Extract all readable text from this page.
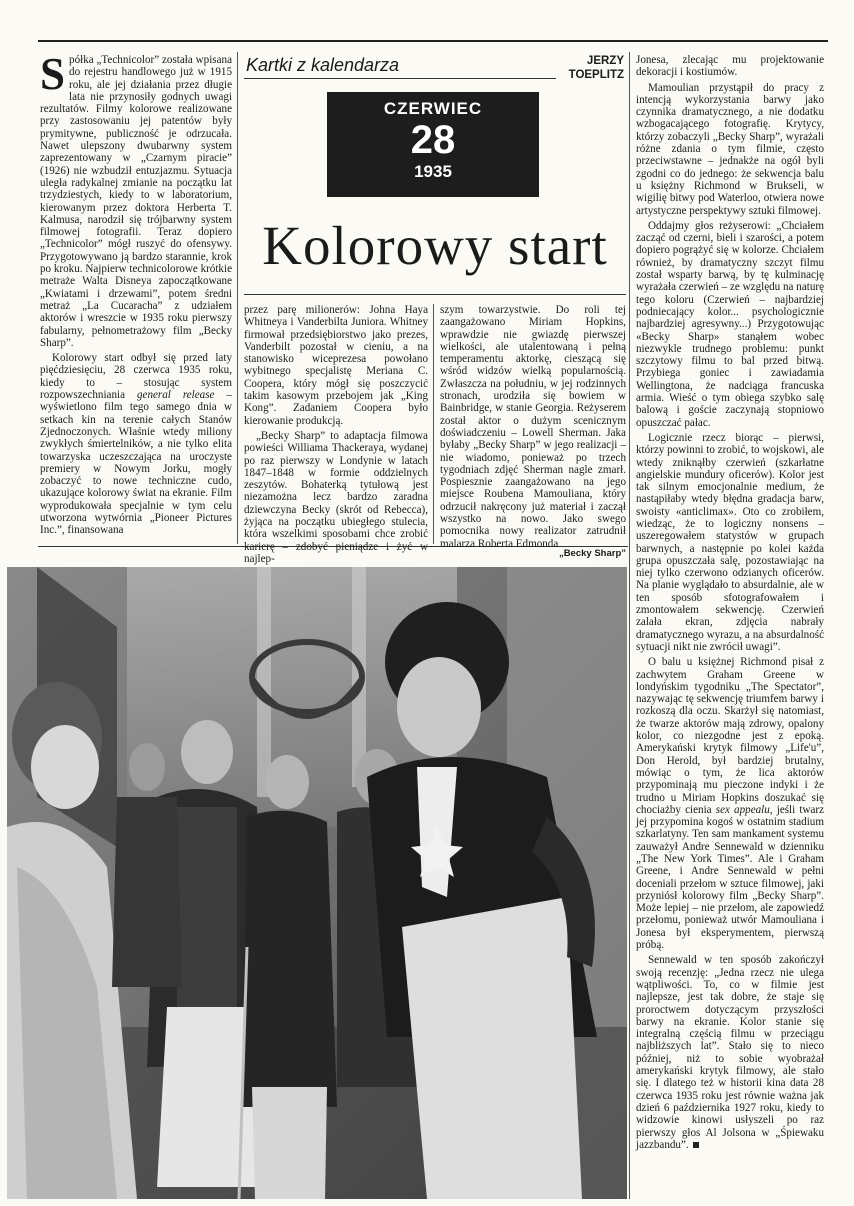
Spółka „Technicolor” została wpisana do rejestru handlowego już w 1915 roku, ale jej działania przez długie lata nie przynosiły godnych uwagi rezultatów. Filmy kolorowe realizowane przy zastosowaniu jej patentów były prymitywne, publiczność je odrzucała. Nawet ulepszony dwubarwny system zaprezentowany w „Czarnym piracie” (1926) nie wzbudził entuzjazmu. Sytuacja uległa radykalnej zmianie na początku lat trzydziestych, kiedy to w laboratorium, kierowanym przez doktora Herberta T. Kalmusa, narodził się trójbarwny system filmowej fotografii. Teraz dopiero „Technicolor” mógł ruszyć do ofensywy. Przygotowywano ją bardzo starannie, krok po kroku. Najpierw technicolorowe krótkie metraże Walta Disneya zapoczątkowane „Kwiatami i drzewami”, potem średni metraż „La Cucaracha” z udziałem aktorów i wreszcie w 1935 roku pierwszy fabularny, pełnometrażowy film „Becky Sharp”.

Kolorowy start odbył się przed laty pięćdziesięciu, 28 czerwca 1935 roku, kiedy to – stosując system rozpowszechniania general release – wyświetlono film tego samego dnia w setkach kin na terenie całych Stanów Zjednoczonych. Właśnie wtedy miliony zwykłych śmiertelników, a nie tylko elita towarzyska uczeszczająca na uroczyste premiery w Nowym Jorku, mogły zobaczyć to nowe techniczne cudo, ukazujące kolorowy świat na ekranie. Film wyprodukowała specjalnie w tym celu utworzona wytwórnia „Pioneer Pictures Inc.”, finansowana

Kartki z kalendarza	JERZY
TOEPLITZ
CZERWIEC
28
1935
Kolorowy start

przez parę milionerów: Johna Haya Whitneya i Vanderbilta Juniora. Whitney firmował przedsiębiorstwo jako prezes, Vanderbilt pozostał w cieniu, a na stanowisko wiceprezesa powołano wybitnego specjalistę Meriana C. Coopera, który mógł się poszczycić takim kasowym przebojem jak „King Kong”. Zadaniem Coopera było kierowanie produkcją.

„Becky Sharp” to adaptacja filmowa powieści Williama Thackeraya, wydanej po raz pierwszy w Londynie w latach 1847–1848 w formie oddzielnych zeszytów. Bohaterką tytułową jest niezamożna lecz bardzo zaradna dziewczyna Becky (skrót od Rebecca), żyjąca na początku ubiegłego stulecia, która wszelkimi sposobami chce zrobić karierę – zdobyć pieniądze i żyć w najlep-

szym towarzystwie. Do roli tej zaangażowano Miriam Hopkins, wprawdzie nie gwiazdę pierwszej wielkości, ale utalentowaną i pełną temperamentu aktorkę, cieszącą się wśród widzów wielką popularnością. Zwłaszcza na południu, w jej rodzinnych stronach, urodziła się bowiem w Bainbridge, w stanie Georgia. Reżyserem został aktor o dużym scenicznym doświadczeniu – Lowell Sherman. Jaka byłaby „Becky Sharp” w jego realizacji – nie wiadomo, ponieważ po trzech tygodniach zdjęć Sherman nagle zmarł. Pospiesznie zaangażowano na jego miejsce Roubena Mamouliana, który odrzucił nakręcony już materiał i zaczął wszystko na nowo. Jako swego pomocnika nowy realizator zatrudnił malarza Roberta Edmonda

„Becky Sharp”

Jonesa, zlecając mu projektowanie dekoracji i kostiumów.

Mamoulian przystąpił do pracy z intencją wykorzystania barwy jako czynnika dramatycznego, a nie dodatku wzbogacającego fotografię. Krytycy, którzy zobaczyli „Becky Sharp”, wyrażali różne zdania o tym filmie, często przeciwstawne – jednakże na ogół byli zgodni co do jednego: że sekwencja balu u księżny Richmond w Brukseli, w wigilię bitwy pod Waterloo, otwiera nowe artystyczne perspektywy sztuki filmowej.

Oddajmy głos reżyserowi: „Chciałem zacząć od czerni, bieli i szarości, a potem dopiero pogrążyć się w kolorze. Chciałem również, by dramatyczny szczyt filmu został wsparty barwą, by tę kulminację wyrażała czerwień – ze względu na naturę tego koloru (Czerwień – najbardziej podniecający kolor... psychologicznie najbardziej agresywny...) Przygotowując «Becky Sharp» stanąłem wobec niezwykle trudnego problemu: punkt szczytowy filmu to bal przed bitwą. Przybiega goniec i zawiadamia Wellingtona, że nadciąga francuska armia. Wieść o tym obiega szybko salę balową i goście zaczynają stopniowo opuszczać pałac.

Logicznie rzecz biorąc – pierwsi, którzy powinni to zrobić, to wojskowi, ale wtedy zniknąłby czerwień (szkarłatne angielskie mundury oficerów). Kolor jest tak silnym emocjonalnie medium, że nastąpiłaby wtedy błędna gradacja barw, swoisty «anticlimax». Oto co zrobiłem, wiedząc, że to logiczny nonsens – uszeregowałem statystów w grupach barwnych, a następnie po kolei każda grupa opuszczała salę, pozostawiając na niej tylko czerwono odzianych oficerów. Na planie wyglądało to absurdalnie, ale w ten sposób sfotografowałem i zmontowałem sekwencję. Czerwień zalała ekran, zdjęcia nabrały dramatycznego wyrazu, a na absurdalność sytuacji nikt nie zwrócił uwagi”.

O balu u księżnej Richmond pisał z zachwytem Graham Greene w londyńskim tygodniku „The Spectator”, nazywając tę sekwencję triumfem barwy i rozkoszą dla oczu. Skarżył się natomiast, że twarze aktorów mają zdrowy, opalony kolor, co niezgodne jest z epoką. Amerykański krytyk filmowy „Life'u”, Don Herold, był bardziej brutalny, mówiąc o tym, że lica aktorów przypominają mu pieczone indyki i że trudno u Miriam Hopkins doszukać się chociażby cienia sex appealu, jeśli twarz jej przypomina kogoś w ostatnim stadium szkarlatyny. Ten sam mankament systemu zauważył Andre Sennewald w dzienniku „The New York Times”. Ale i Graham Greene, i Andre Sennewald w pełni doceniali przełom w sztuce filmowej, jaki przyniósł kolorowy film „Becky Sharp”. Może lepiej – nie przełom, ale zapowiedź przełomu, ponieważ utwór Mamouliana i Jonesa był eksperymentem, pierwszą próbą.

Sennewald w ten sposób zakończył swoją recenzję: „Jedna rzecz nie ulega wątpliwości. To, co w filmie jest najlepsze, jest tak dobre, że staje się proroctwem dotyczącym przyszłości barwy na ekranie. Kolor stanie się integralną częścią filmu w przeciągu najbliższych lat”. Stało się to nieco później, niż to sobie wyobrażał amerykański krytyk filmowy, ale stało się. I dlatego też w historii kina data 28 czerwca 1935 roku jest równie ważna jak dzień 6 października 1927 roku, kiedy to widzowie kinowi usłyszeli po raz pierwszy głos Al Jolsona w „Śpiewaku jazzbandu”.
